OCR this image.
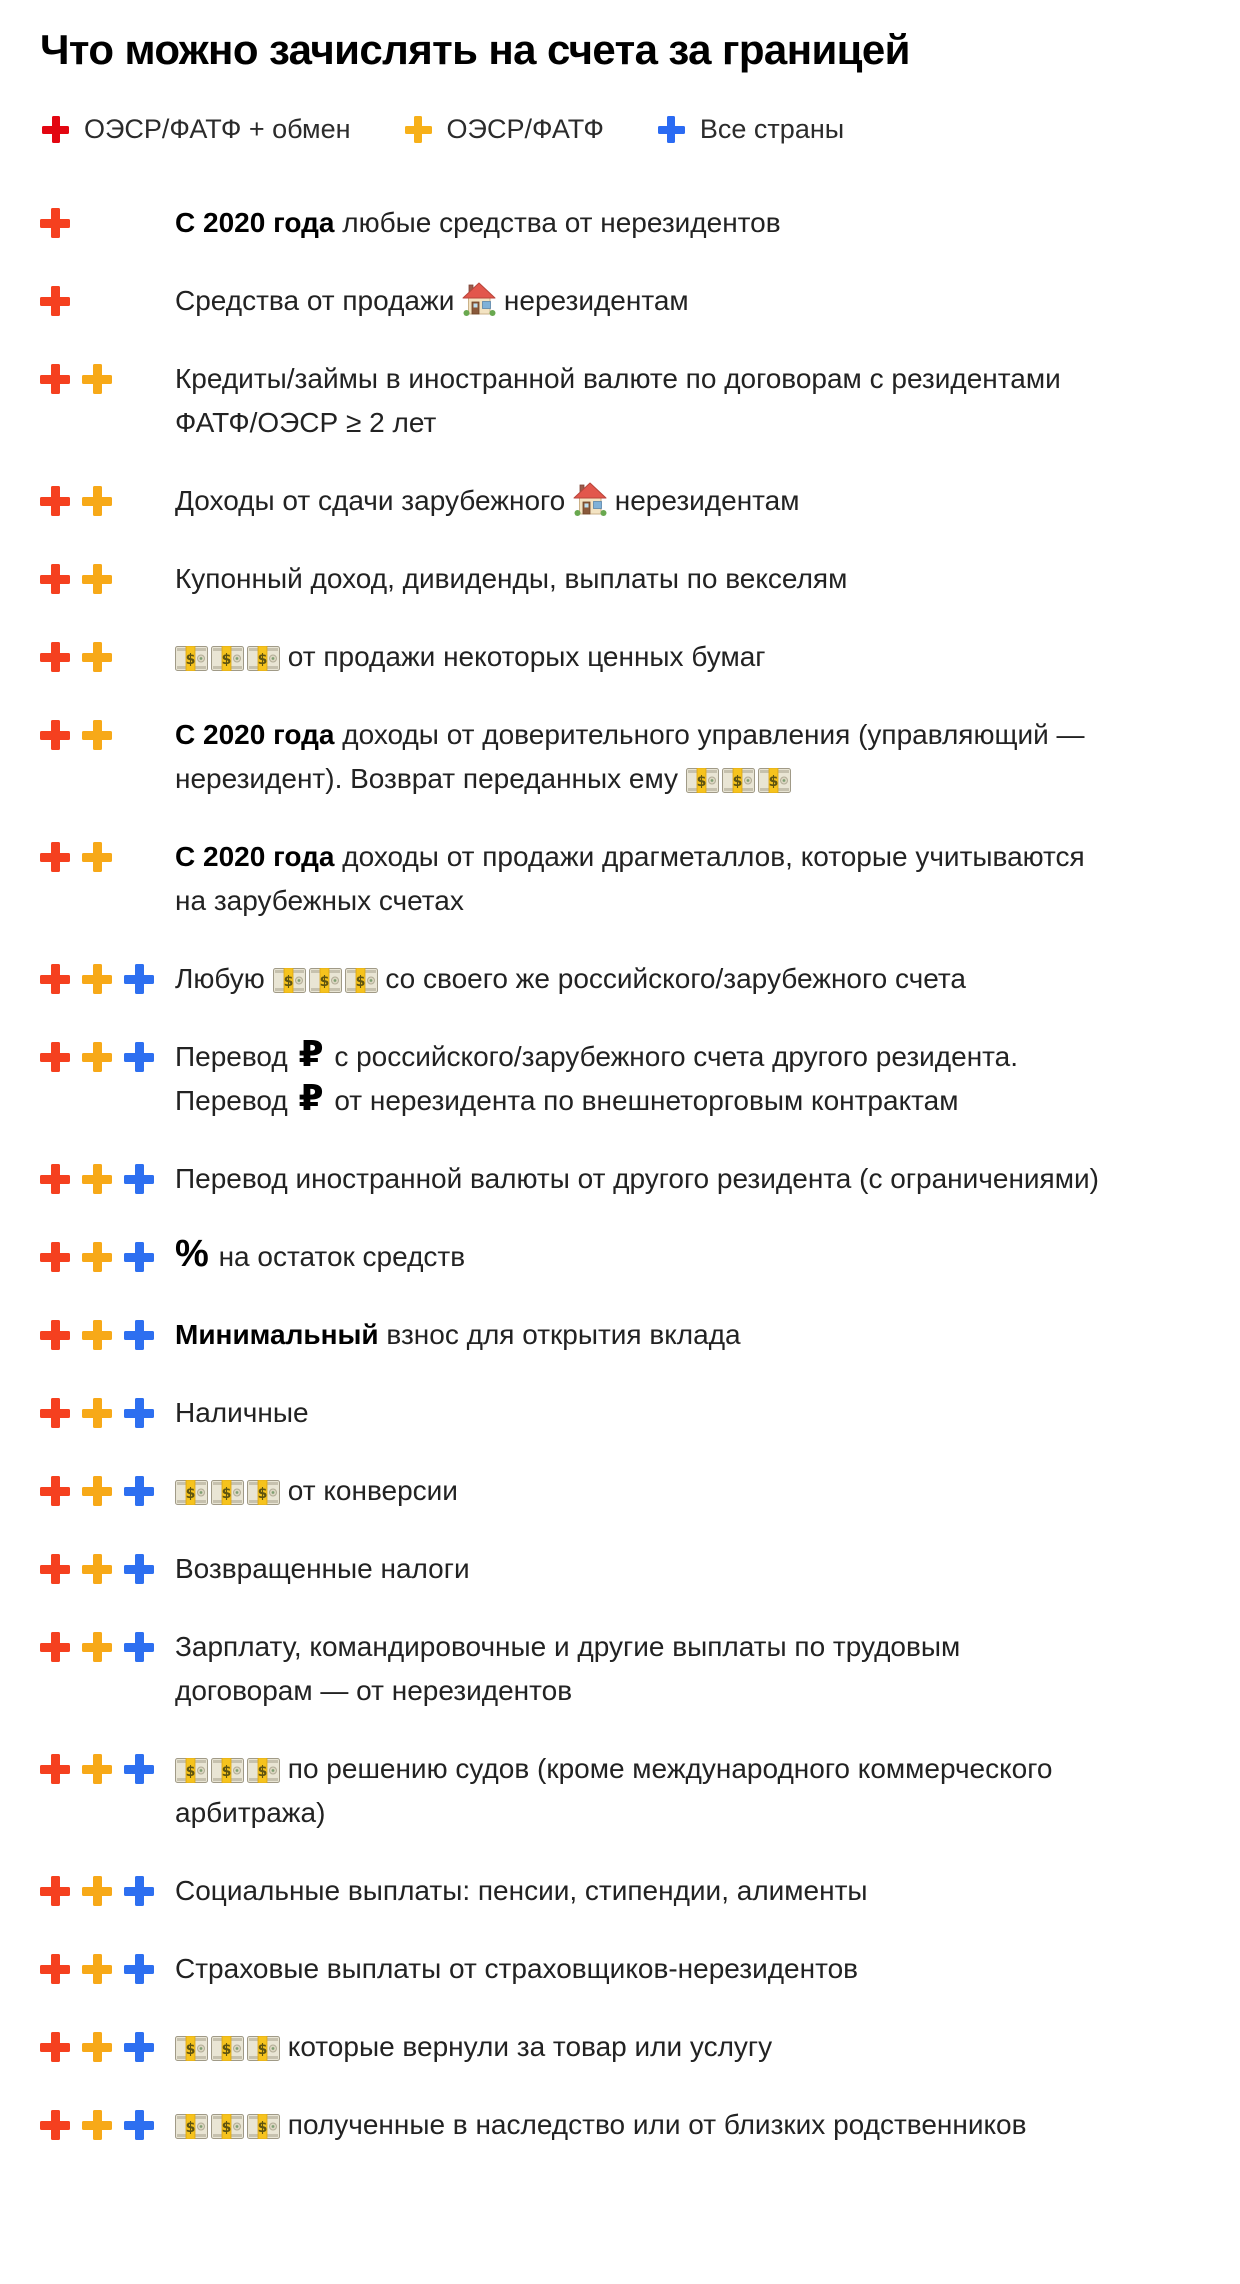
Что можно зачислять на счета за границей
ОЭСР/ФАТФ + обмен	ОЭСР/ФАТФ	Все страны
С 2020 года любые средства от нерезидентов
Средства от продажи
нерезидентам
Кредиты/займы в иностранной валюте по договорам с резидентами
ФАТФ/ОЭСР ≥ 2 лет
Доходы от сдачи зарубежного
нерезидентам
Купонный доход, дивиденды, выплаты по векселям
$ $ $ от продажи некоторых ценных бумаг
С 2020 года доходы от доверительного управления (управляющий —
нерезидент). Возврат переданных ему $ $ $
С 2020 года доходы от продажи драгметаллов, которые учитываются
на зарубежных счетах
Любую $ $ $ со своего же российского/зарубежного счета
Перевод ₽ с российского/зарубежного счета другого резидента.
Перевод ₽ от нерезидента по внешнеторговым контрактам
Перевод иностранной валюты от другого резидента (с ограничениями)
% на остаток средств
Минимальный взнос для открытия вклада
Наличные
$ $ $ от конверсии
Возвращенные налоги
Зарплату, командировочные и другие выплаты по трудовым
договорам — от нерезидентов
$ $ $ по решению судов (кроме международного коммерческого
арбитража)
Социальные выплаты: пенсии, стипендии, алименты
Страховые выплаты от страховщиков-нерезидентов
$ $ $ которые вернули за товар или услугу
$ $ $ полученные в наследство или от близких родственников
